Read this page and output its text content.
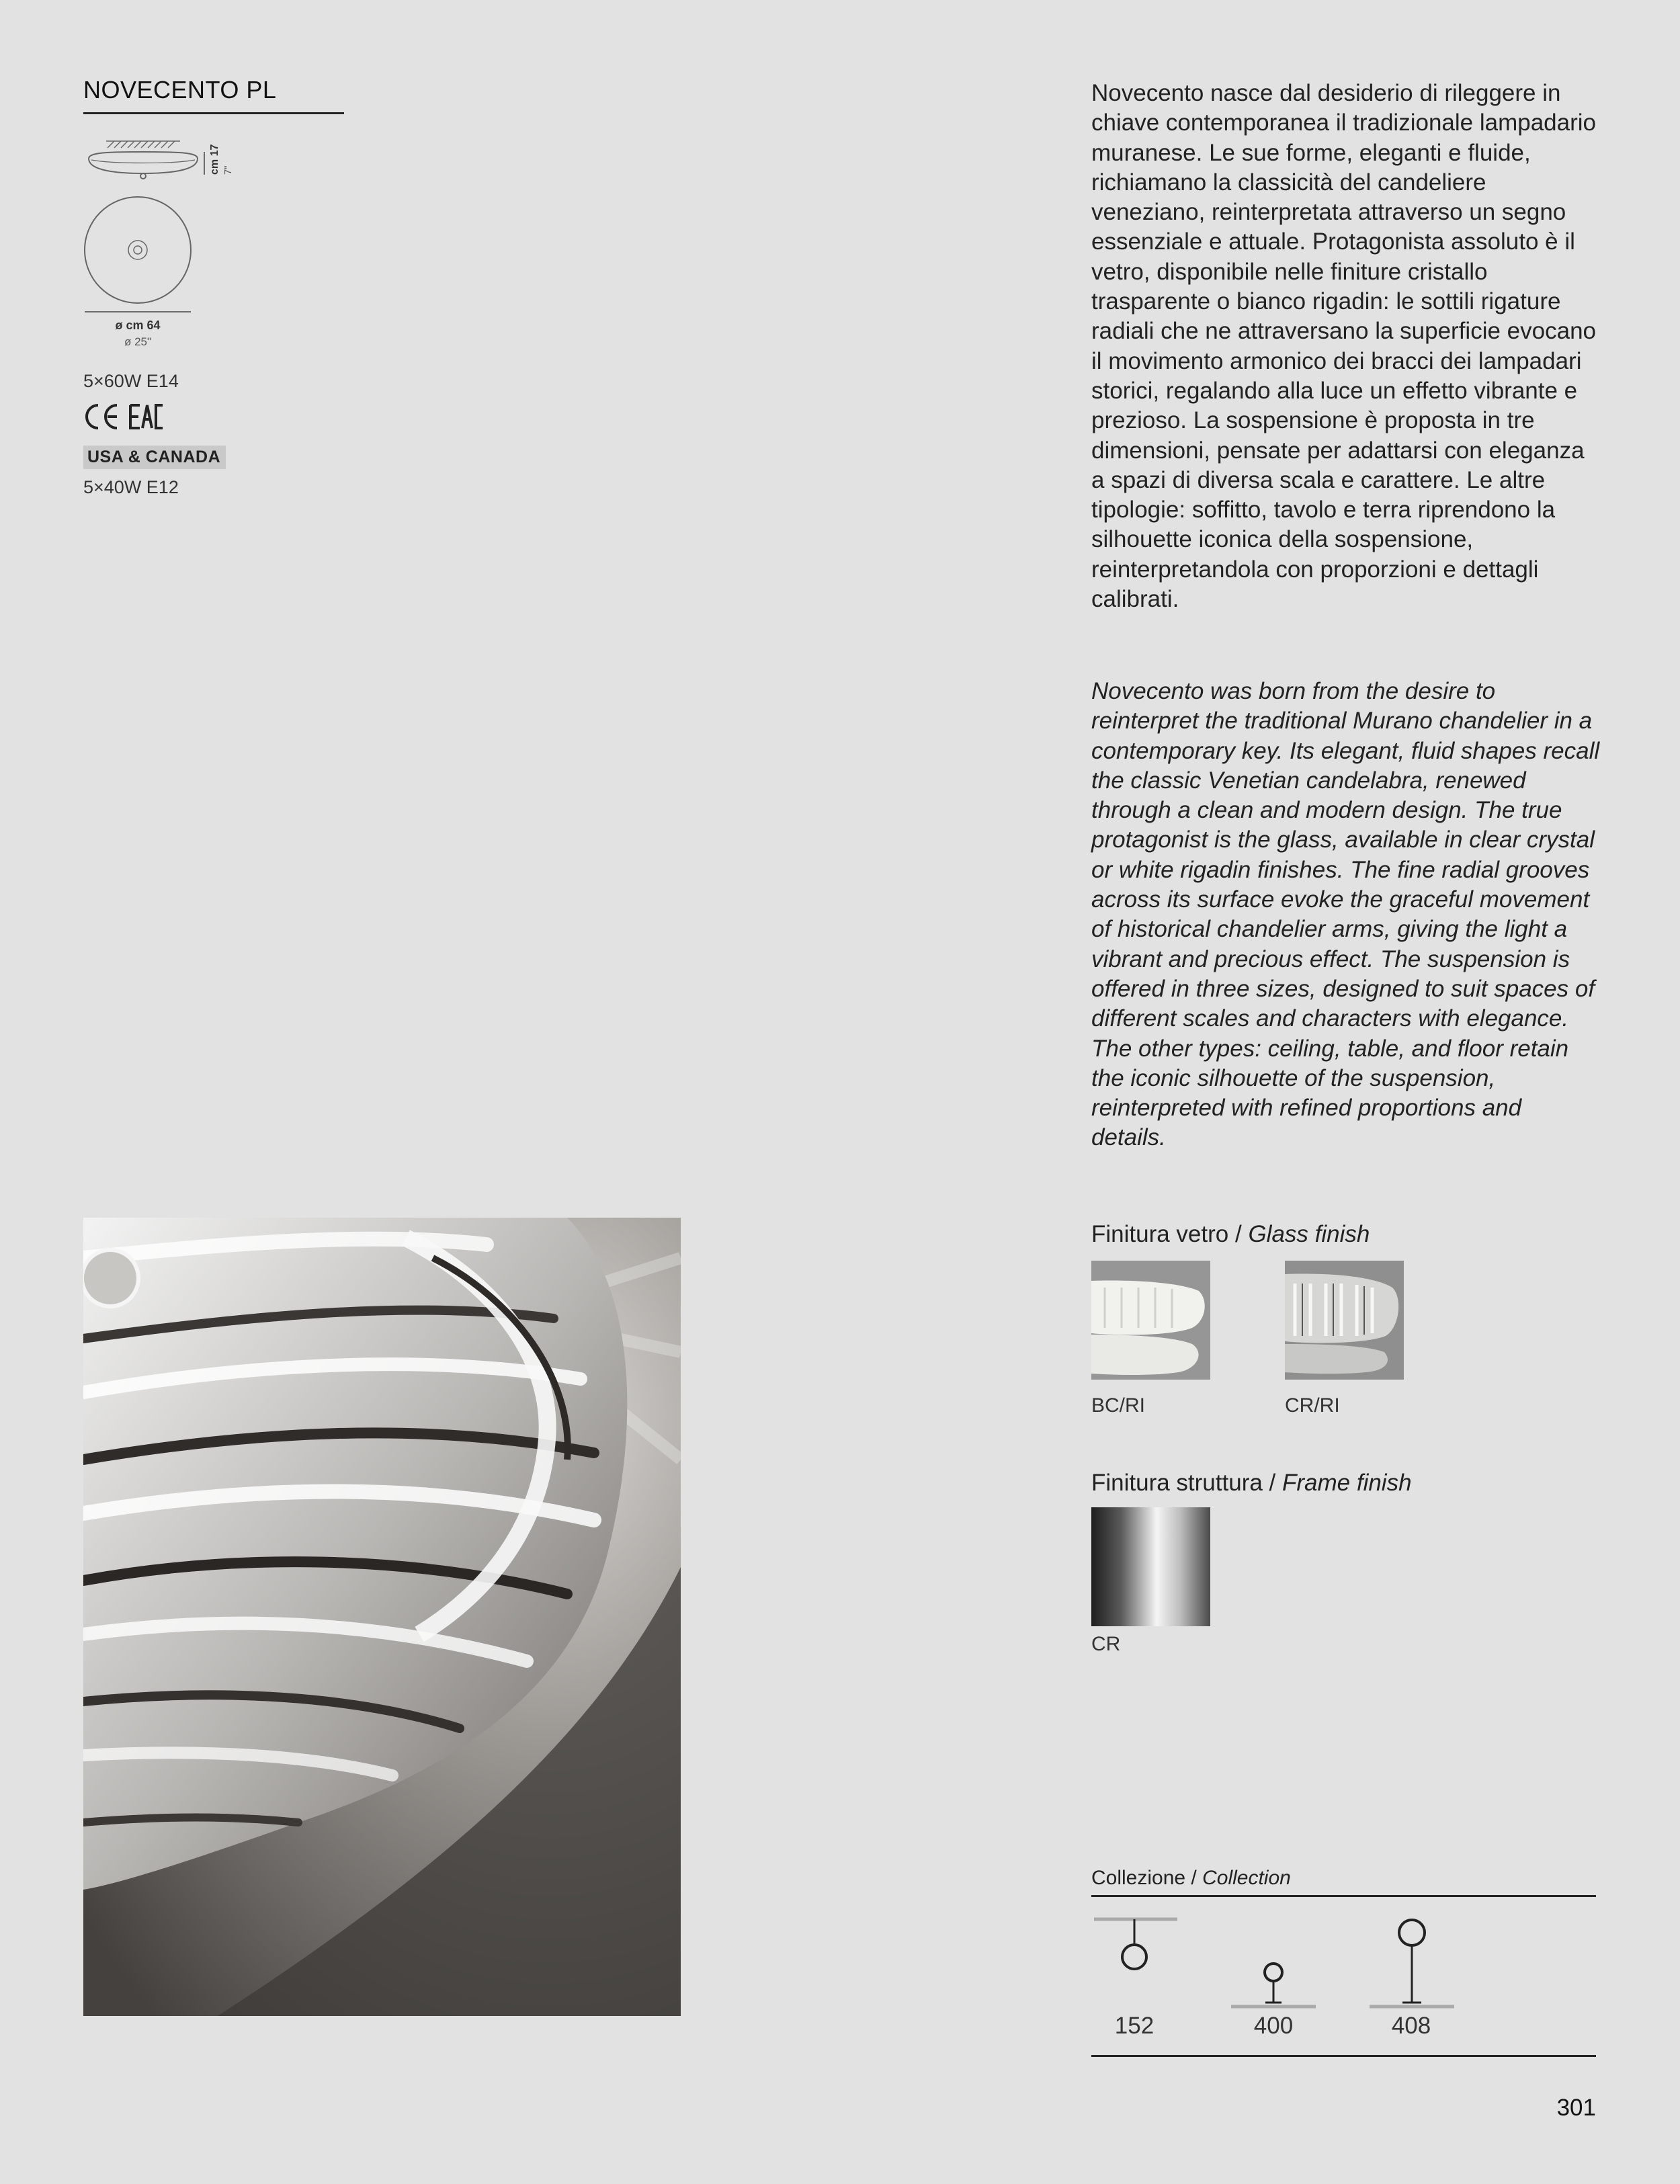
NOVECENTO PL
cm 17 7"
ø cm 64
ø 25"
5×60W E14
USA & CANADA
5×40W E12
Novecento nasce dal desiderio di rileggere in chiave contemporanea il tradizionale lampadario muranese. Le sue forme, eleganti e fluide, richiamano la classicità del candeliere veneziano, reinterpretata attraverso un segno essenziale e attuale. Protagonista assoluto è il vetro, disponibile nelle finiture cristallo trasparente o bianco rigadin: le sottili rigature radiali che ne attraversano la superficie evocano il movimento armonico dei bracci dei lampadari storici, regalando alla luce un effetto vibrante e prezioso. La sospensione è proposta in tre dimensioni, pensate per adattarsi con eleganza a spazi di diversa scala e carattere. Le altre tipologie: soffitto, tavolo e terra riprendono la silhouette iconica della sospensione, reinterpretandola con proporzioni e dettagli calibrati.
Novecento was born from the desire to reinterpret the traditional Murano chandelier in a contemporary key. Its elegant, fluid shapes recall the classic Venetian candelabra, renewed through a clean and modern design. The true protagonist is the glass, available in clear crystal or white rigadin finishes. The fine radial grooves across its surface evoke the graceful movement of historical chandelier arms, giving the light a vibrant and precious effect. The suspension is offered in three sizes, designed to suit spaces of different scales and characters with elegance. The other types: ceiling, table, and floor retain the iconic silhouette of the suspension, reinterpreted with refined proportions and details.
Finitura vetro / Glass finish
BC/RI	CR/RI
Finitura struttura / Frame finish
CR
Collezione / Collection
152	400	408
301
